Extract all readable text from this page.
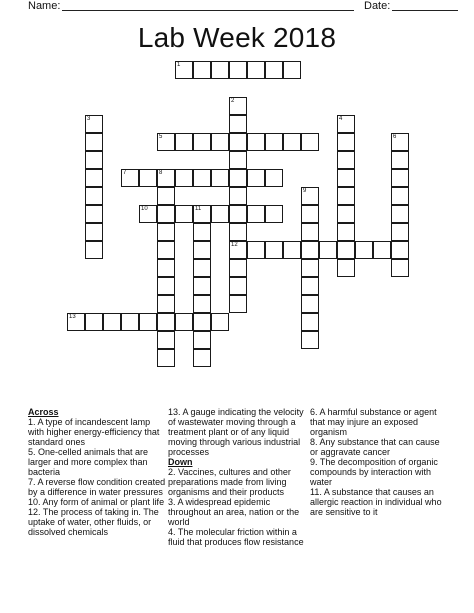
Name:	Date:
Lab Week 2018
1
2
12
3	4
5	6
7	8
9
10	11
13
Across

1. A type of incandescent lamp with higher energy-efficiency that standard ones

5. One-celled animals that are larger and more complex than bacteria

7. A reverse flow condition created by a difference in water pressures

10. Any form of animal or plant life

12. The process of taking in. The uptake of water, other fluids, or dissolved chemicals

13. A gauge indicating the velocity of wastewater moving through a treatment plant or of any liquid moving through various industrial processes

Down

2. Vaccines, cultures and other preparations made from living organisms and their products

3. A widespread epidemic throughout an area, nation or the world

4. The molecular friction within a fluid that produces flow resistance

6. A harmful substance or agent that may injure an exposed organism

8. Any substance that can cause or aggravate cancer

9. The decomposition of organic compounds by interaction with water

11. A substance that causes an allergic reaction in individual who are sensitive to it
